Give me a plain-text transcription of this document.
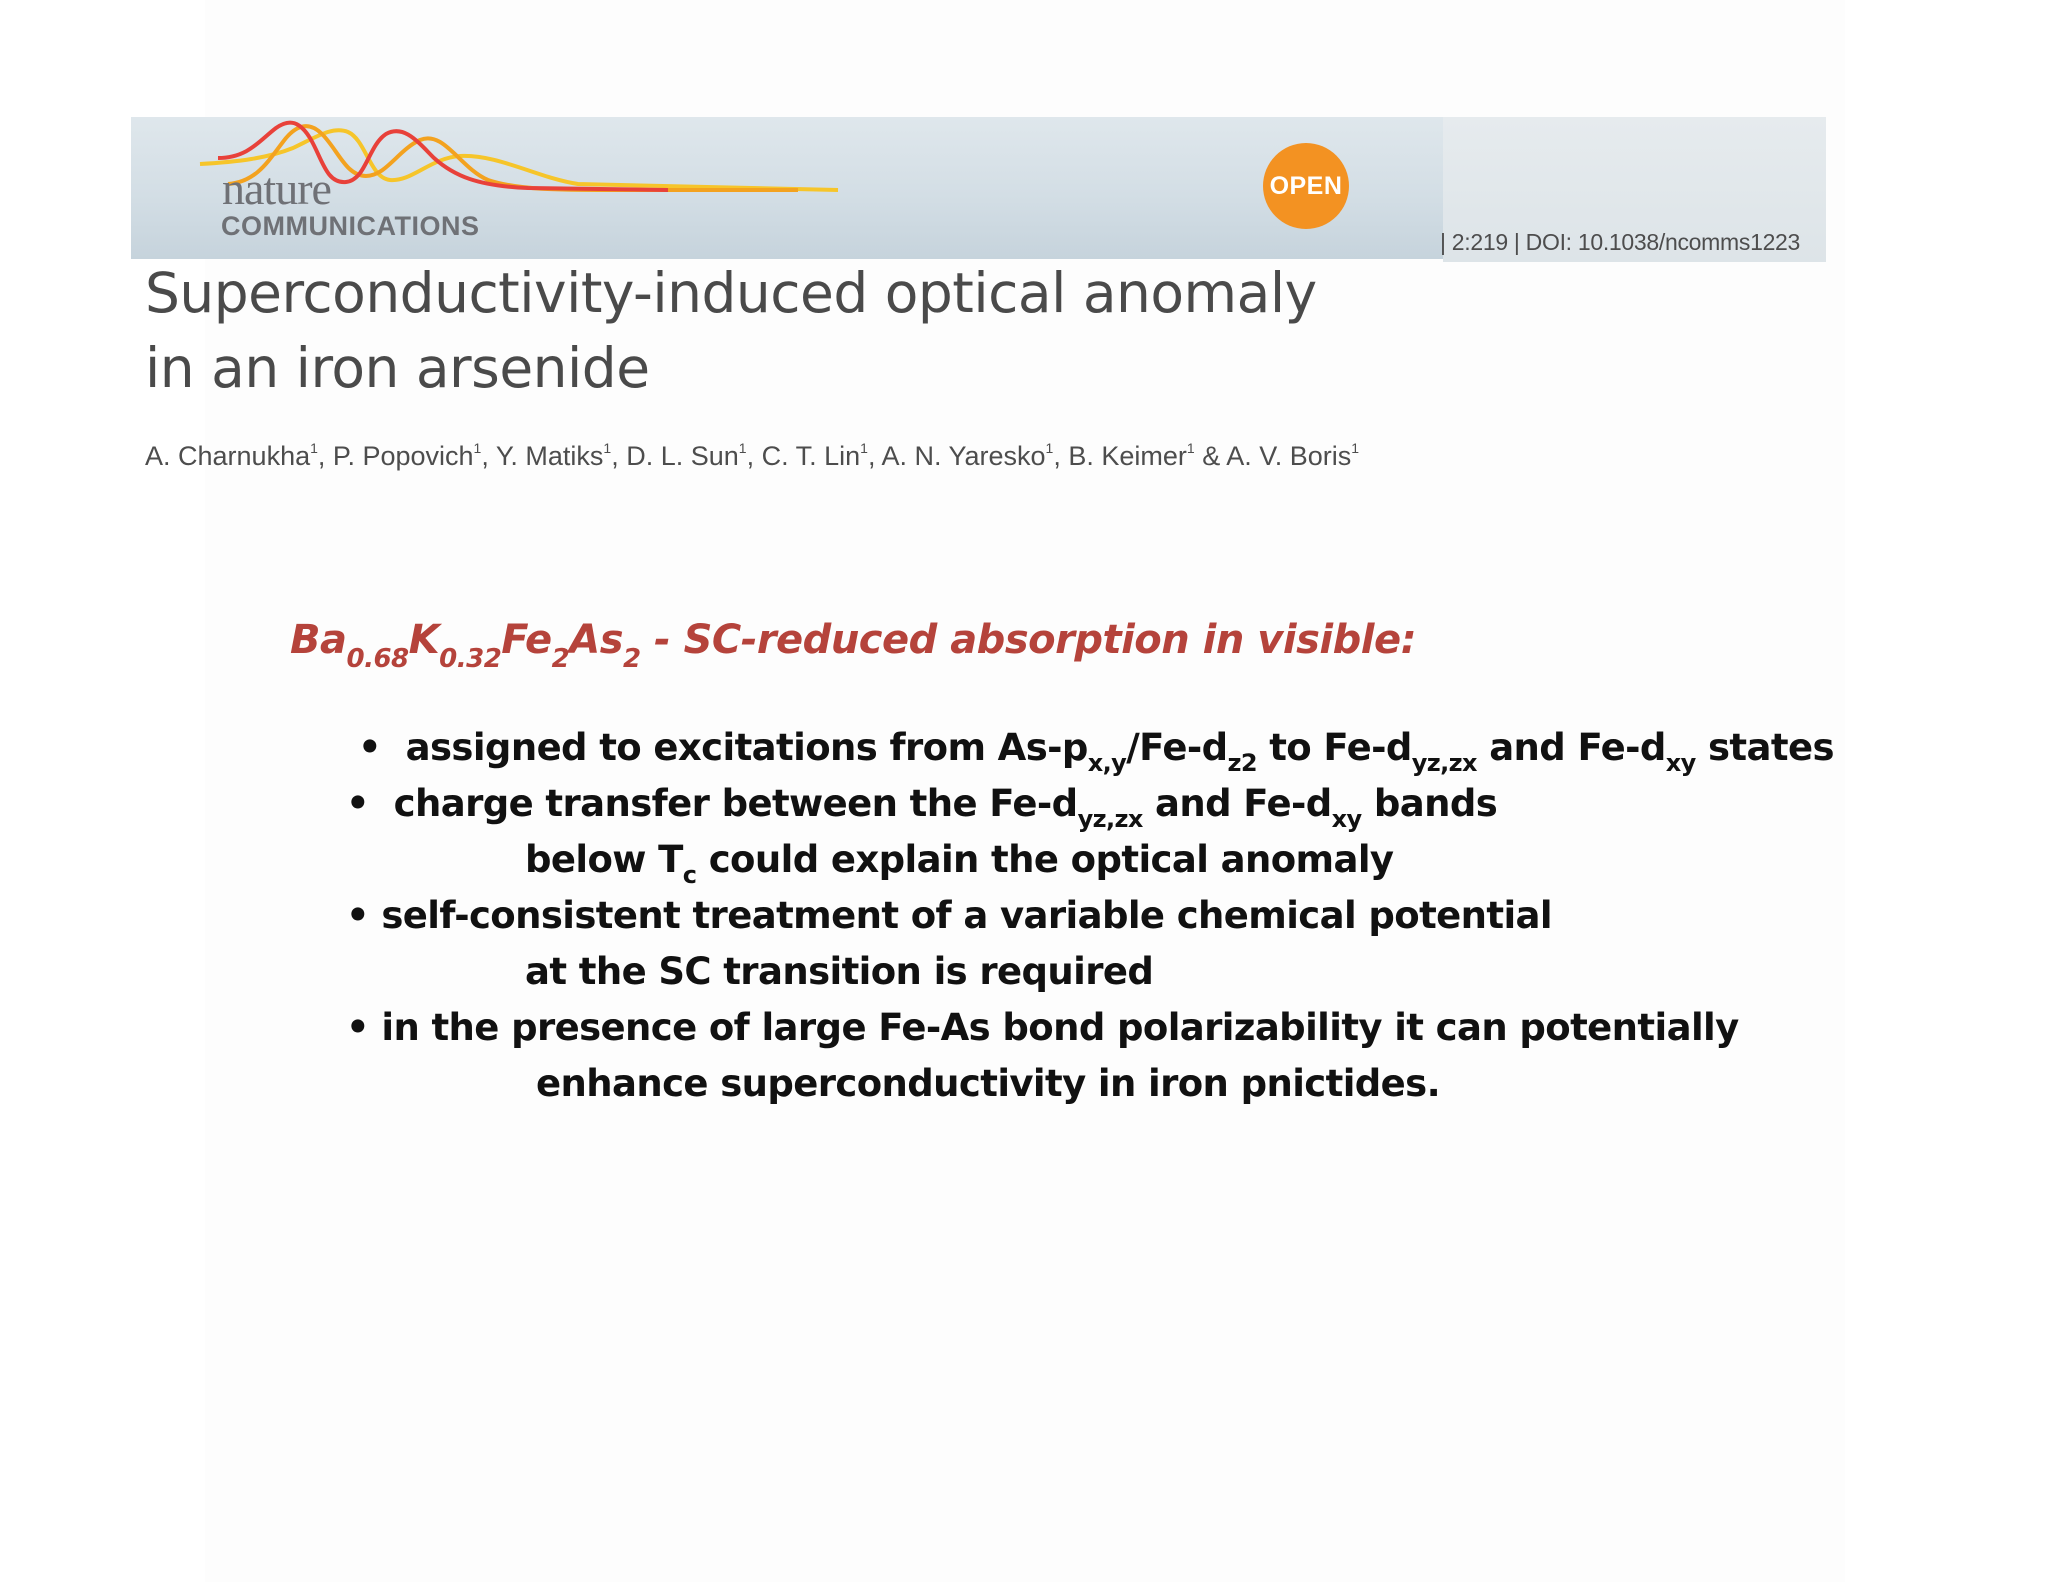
nature
COMMUNICATIONS
OPEN
| 2:219 | DOI: 10.1038/ncomms1223
Superconductivity-induced optical anomaly
in an iron arsenide
A. Charnukha$^1$, P. Popovich$^1$, Y. Matiks$^1$, D. L. Sun$^1$, C. T. Lin$^1$, A. N. Yaresko$^1$, B. Keimer$^1$ & A. V. Boris$^1$
$Ba_{0.68}K_{0.32}Fe_2As_2$ - SC-reduced absorption in visible:
• assigned to excitations from $As-p_{x,y}/Fe-d_{z2}$ to $Fe-d_{yz,zx}$ and $Fe-d_{xy}$ states
• charge transfer between the $Fe-d_{yz,zx}$ and $Fe-d_{xy}$ bands
below $T_c$ could explain the optical anomaly
• self-consistent treatment of a variable chemical potential
at the SC transition is required
• in the presence of large Fe-As bond polarizability it can potentially
enhance superconductivity in iron pnictides.
